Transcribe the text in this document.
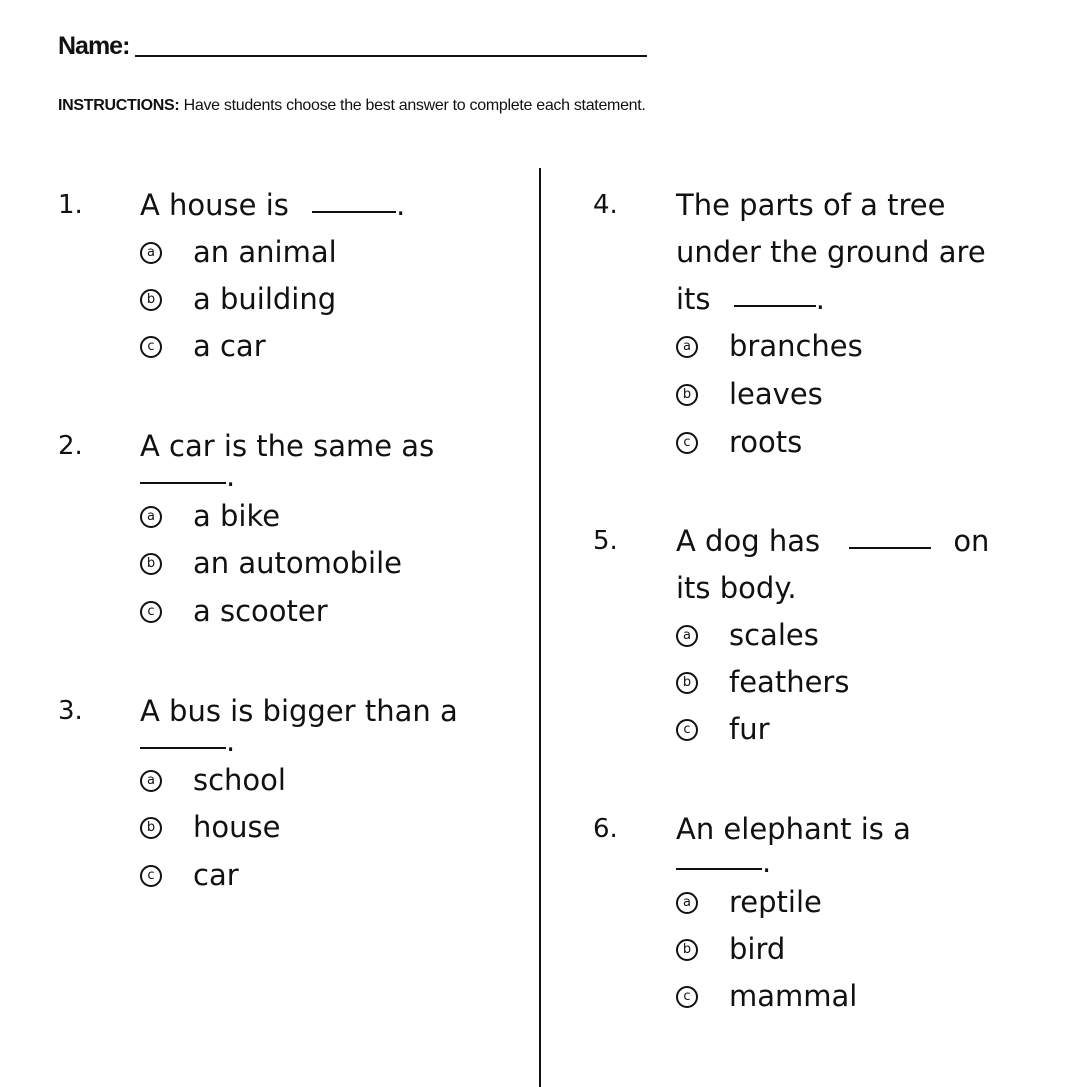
Name:
INSTRUCTIONS: Have students choose the best answer to complete each statement.
1. A house is	.
a an animal
b a building
c a car
2. A car is the same as
.
a a bike
b an automobile
c a scooter
3. A bus is bigger than a
.
a school
b house
c car
4. The parts of a tree
under the ground are
its	.
a branches
b leaves
c roots
5. A dog has	on
its body.
a scales
b feathers
c fur
6. An elephant is a
.
a reptile
b bird
c mammal
